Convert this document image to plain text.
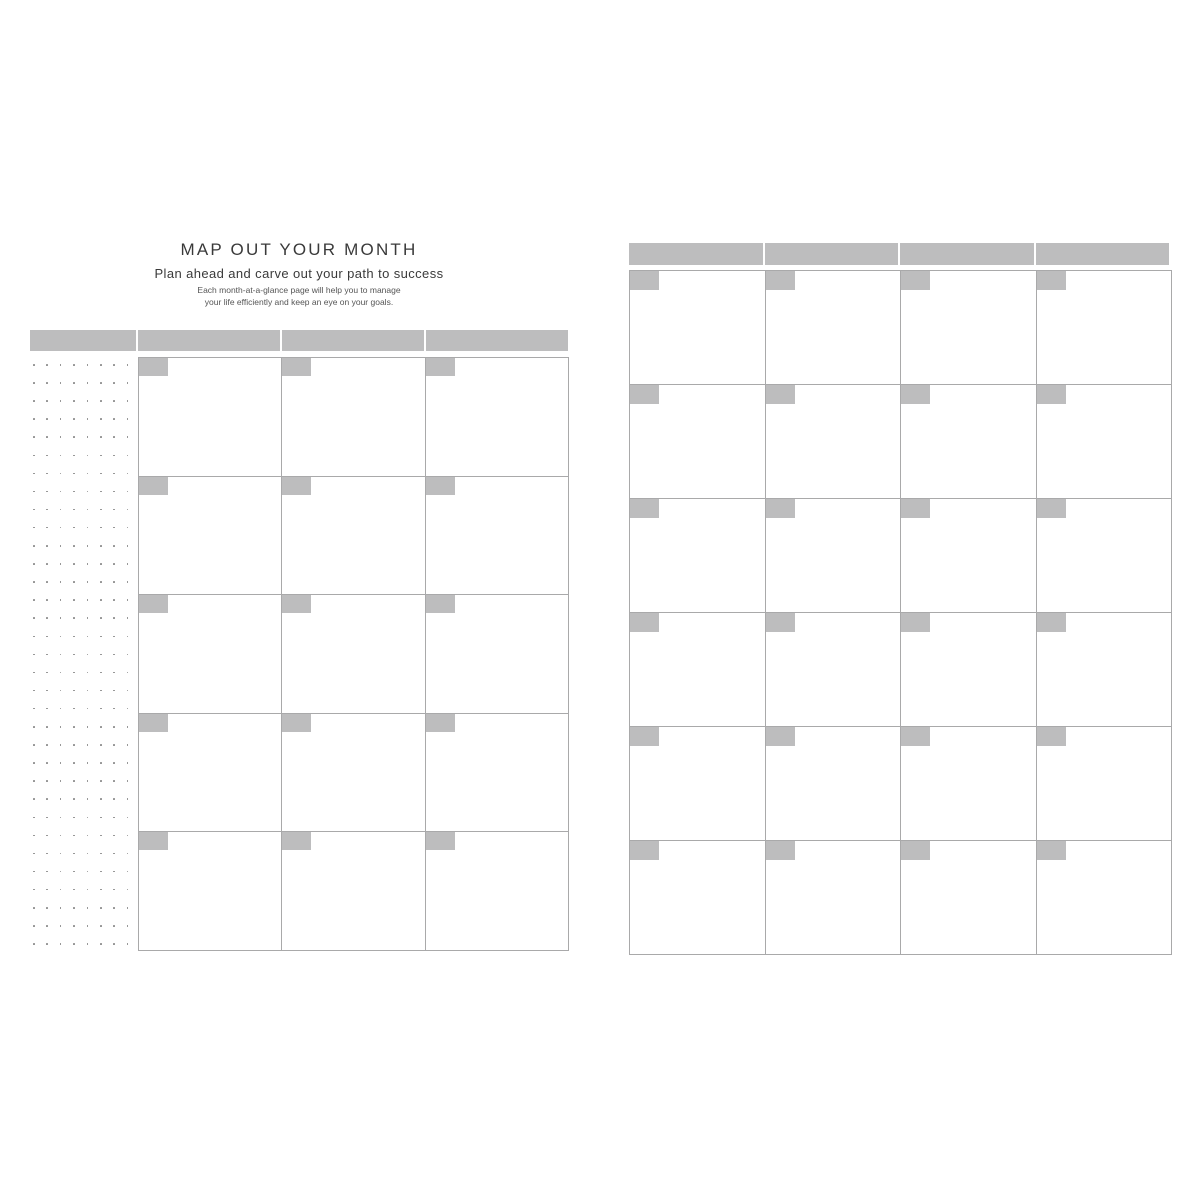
MAP OUT YOUR MONTH
Plan ahead and carve out your path to success
Each month-at-a-glance page will help you to manage
your life efficiently and keep an eye on your goals.
